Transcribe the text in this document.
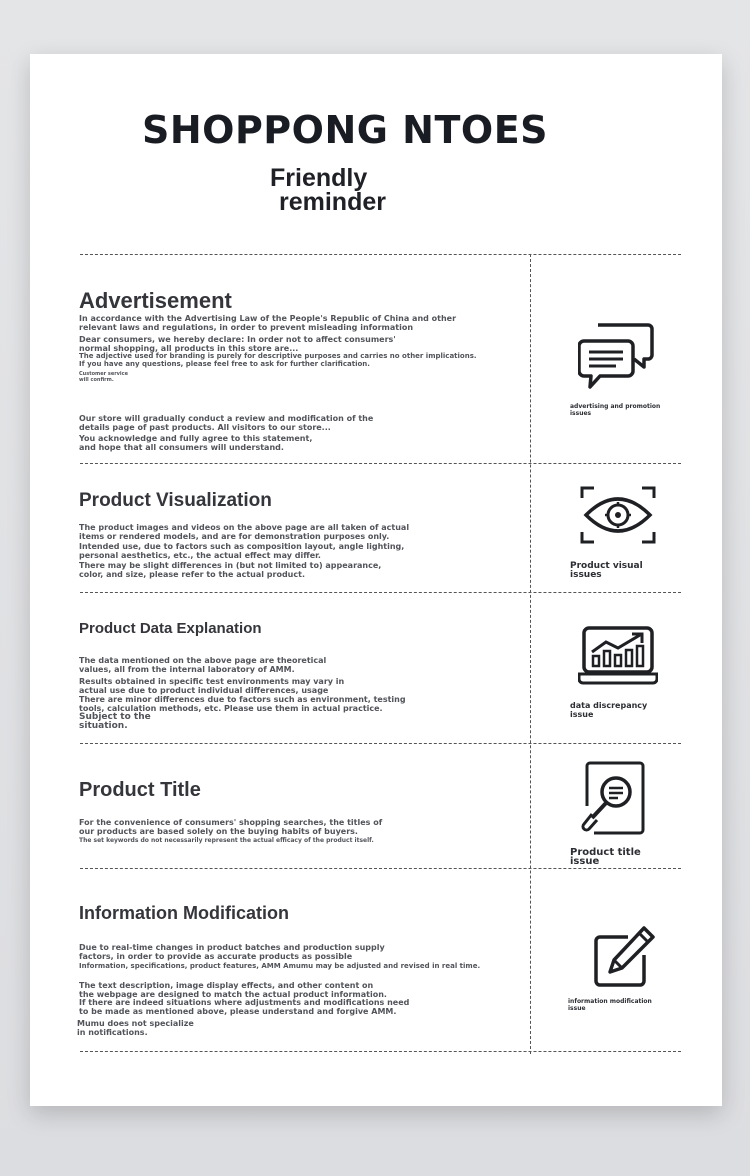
SHOPPONG NTOES
Friendly
reminder
Advertisement
In accordance with the Advertising Law of the People's Republic of China and other
relevant laws and regulations, in order to prevent misleading information
Dear consumers, we hereby declare: In order not to affect consumers'
normal shopping, all products in this store are...
The adjective used for branding is purely for descriptive purposes and carries no other implications.
If you have any questions, please feel free to ask for further clarification.
Customer service
will confirm.
Our store will gradually conduct a review and modification of the
details page of past products. All visitors to our store...
You acknowledge and fully agree to this statement,
and hope that all consumers will understand.
advertising and promotion
issues
Product Visualization
The product images and videos on the above page are all taken of actual
items or rendered models, and are for demonstration purposes only.
Intended use, due to factors such as composition layout, angle lighting,
personal aesthetics, etc., the actual effect may differ.
There may be slight differences in (but not limited to) appearance,
color, and size, please refer to the actual product.
Product visual
issues
Product Data Explanation
The data mentioned on the above page are theoretical
values, all from the internal laboratory of AMM.
Results obtained in specific test environments may vary in
actual use due to product individual differences, usage
There are minor differences due to factors such as environment, testing
tools, calculation methods, etc. Please use them in actual practice.
Subject to the
situation.
data discrepancy
issue
Product Title
For the convenience of consumers' shopping searches, the titles of
our products are based solely on the buying habits of buyers.
The set keywords do not necessarily represent the actual efficacy of the product itself.
Product title
issue
Information Modification
Due to real-time changes in product batches and production supply
factors, in order to provide as accurate products as possible
Information, specifications, product features, AMM Amumu may be adjusted and revised in real time.
The text description, image display effects, and other content on
the webpage are designed to match the actual product information.
If there are indeed situations where adjustments and modifications need
to be made as mentioned above, please understand and forgive AMM.
Mumu does not specialize
in notifications.
information modification
issue
